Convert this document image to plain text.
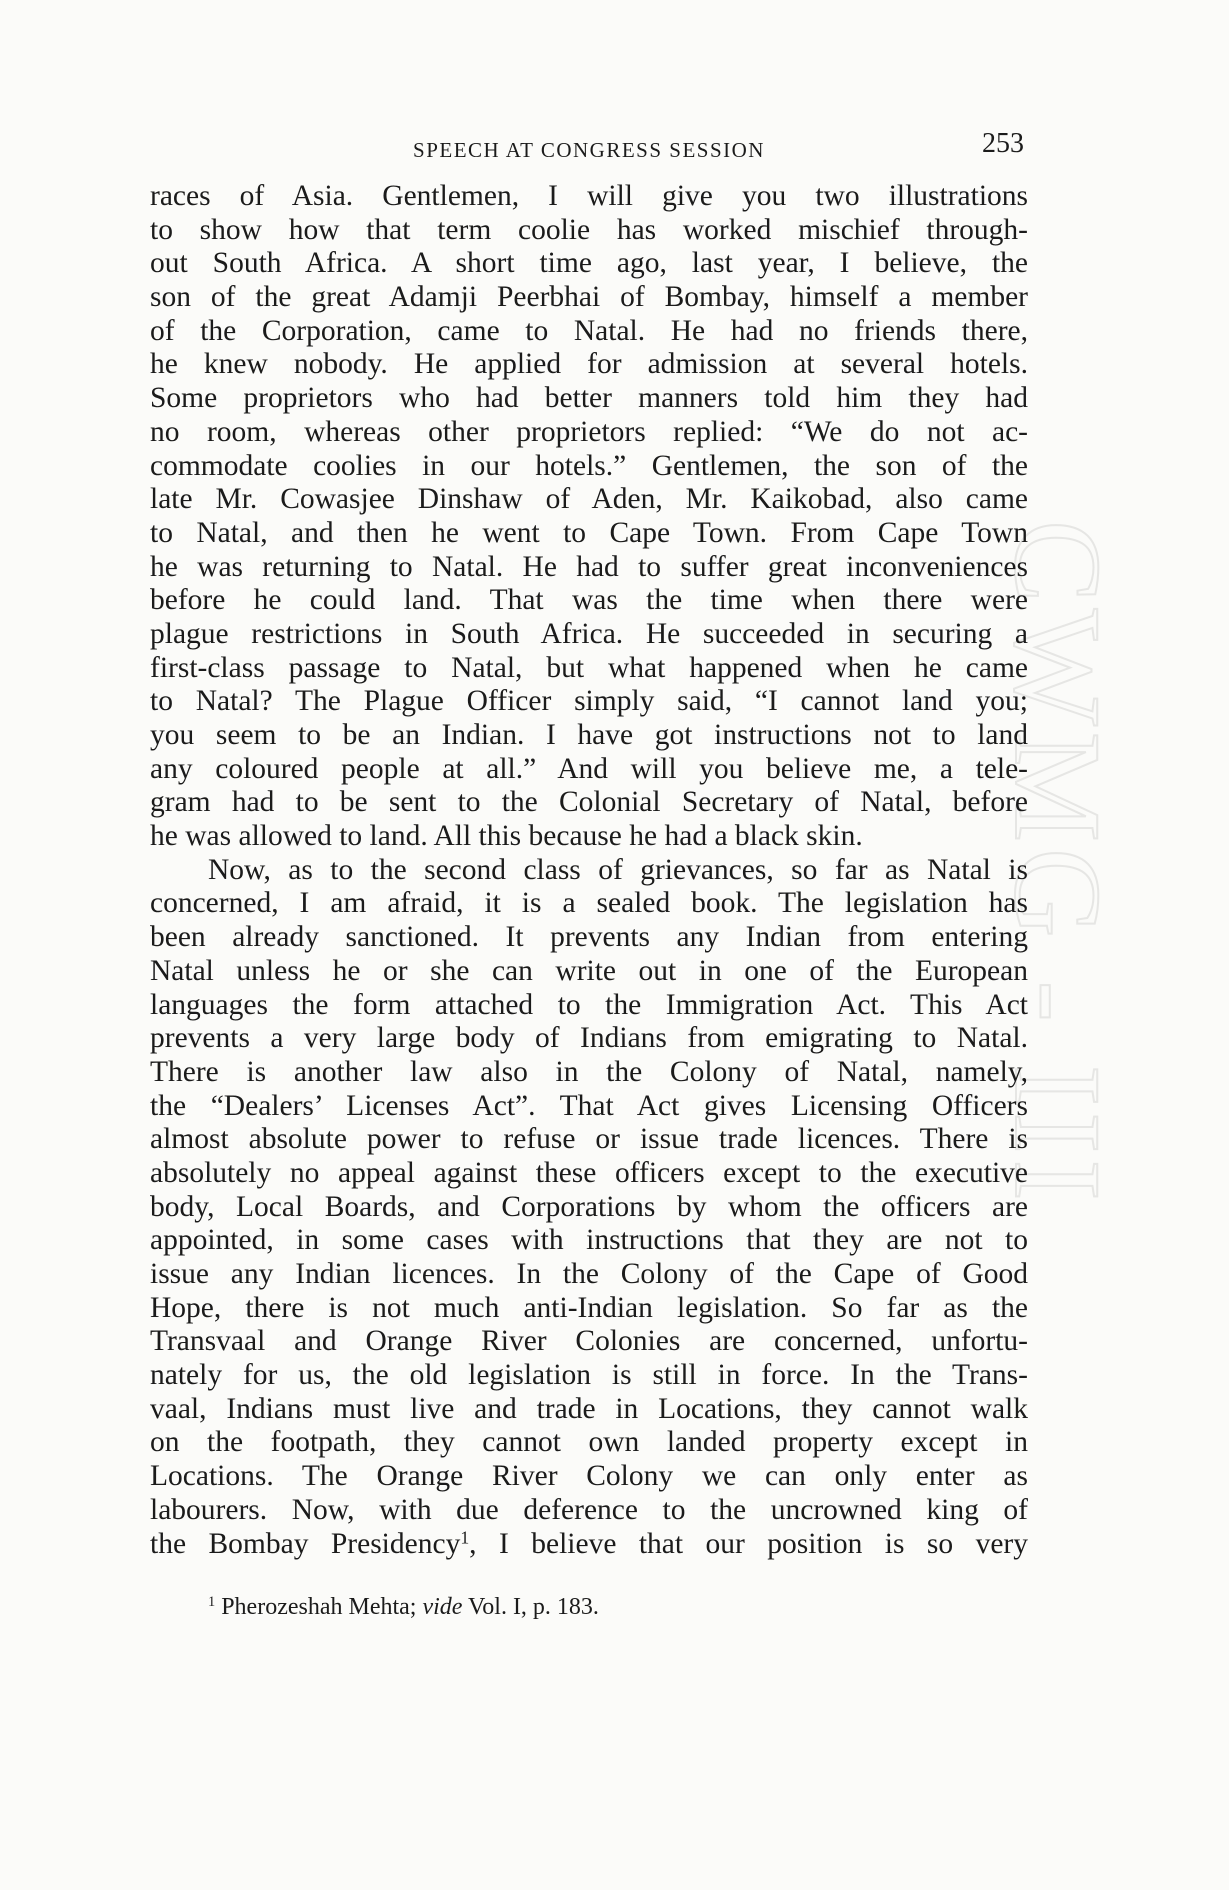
CWMG - III
SPEECH AT CONGRESS SESSION	253
races of Asia. Gentlemen, I will give you two illustrations
to show how that term coolie has worked mischief through-
out South Africa. A short time ago, last year, I believe, the
son of the great Adamji Peerbhai of Bombay, himself a member
of the Corporation, came to Natal. He had no friends there,
he knew nobody. He applied for admission at several hotels.
Some proprietors who had better manners told him they had
no room, whereas other proprietors replied: “We do not ac-
commodate coolies in our hotels.” Gentlemen, the son of the
late Mr. Cowasjee Dinshaw of Aden, Mr. Kaikobad, also came
to Natal, and then he went to Cape Town. From Cape Town
he was returning to Natal. He had to suffer great inconveniences
before he could land. That was the time when there were
plague restrictions in South Africa. He succeeded in securing a
first-class passage to Natal, but what happened when he came
to Natal? The Plague Officer simply said, “I cannot land you;
you seem to be an Indian. I have got instructions not to land
any coloured people at all.” And will you believe me, a tele-
gram had to be sent to the Colonial Secretary of Natal, before
he was allowed to land. All this because he had a black skin.
Now, as to the second class of grievances, so far as Natal is
concerned, I am afraid, it is a sealed book. The legislation has
been already sanctioned. It prevents any Indian from entering
Natal unless he or she can write out in one of the European
languages the form attached to the Immigration Act. This Act
prevents a very large body of Indians from emigrating to Natal.
There is another law also in the Colony of Natal, namely,
the “Dealers’ Licenses Act”. That Act gives Licensing Officers
almost absolute power to refuse or issue trade licences. There is
absolutely no appeal against these officers except to the executive
body, Local Boards, and Corporations by whom the officers are
appointed, in some cases with instructions that they are not to
issue any Indian licences. In the Colony of the Cape of Good
Hope, there is not much anti-Indian legislation. So far as the
Transvaal and Orange River Colonies are concerned, unfortu-
nately for us, the old legislation is still in force. In the Trans-
vaal, Indians must live and trade in Locations, they cannot walk
on the footpath, they cannot own landed property except in
Locations. The Orange River Colony we can only enter as
labourers. Now, with due deference to the uncrowned king of
the Bombay Presidency$^1$, I believe that our position is so very
$^1$ Pherozeshah Mehta; vide Vol. I, p. 183.
